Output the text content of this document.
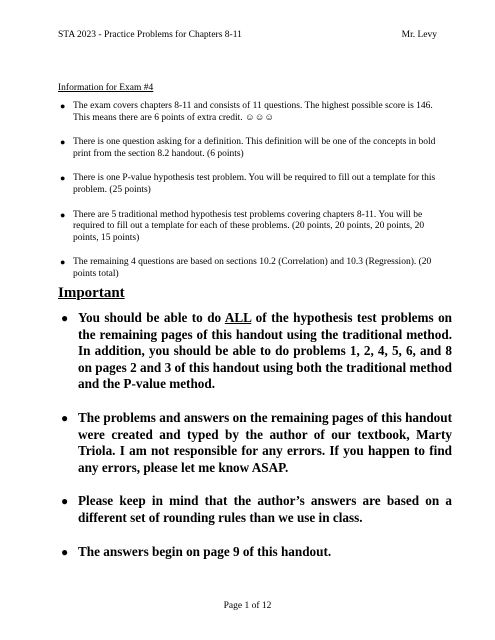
STA 2023 - Practice Problems for Chapters 8-11	Mr. Levy
Information for Exam #4
● The exam covers chapters 8-11 and consists of 11 questions. The highest possible score is 146. This means there are 6 points of extra credit. ☺☺☺
● There is one question asking for a definition. This definition will be one of the concepts in bold print from the section 8.2 handout. (6 points)
● There is one P-value hypothesis test problem. You will be required to fill out a template for this problem. (25 points)
● There are 5 traditional method hypothesis test problems covering chapters 8-11. You will be required to fill out a template for each of these problems. (20 points, 20 points, 20 points, 20 points, 15 points)
● The remaining 4 questions are based on sections 10.2 (Correlation) and 10.3 (Regression). (20 points total)
Important
● You should be able to do ALL of the hypothesis test problems on the remaining pages of this handout using the traditional method. In addition, you should be able to do problems 1, 2, 4, 5, 6, and 8 on pages 2 and 3 of this handout using both the traditional method and the P-value method.
● The problems and answers on the remaining pages of this handout were created and typed by the author of our textbook, Marty Triola. I am not responsible for any errors. If you happen to find any errors, please let me know ASAP.
● Please keep in mind that the author’s answers are based on a different set of rounding rules than we use in class.
● The answers begin on page 9 of this handout.
Page 1 of 12
